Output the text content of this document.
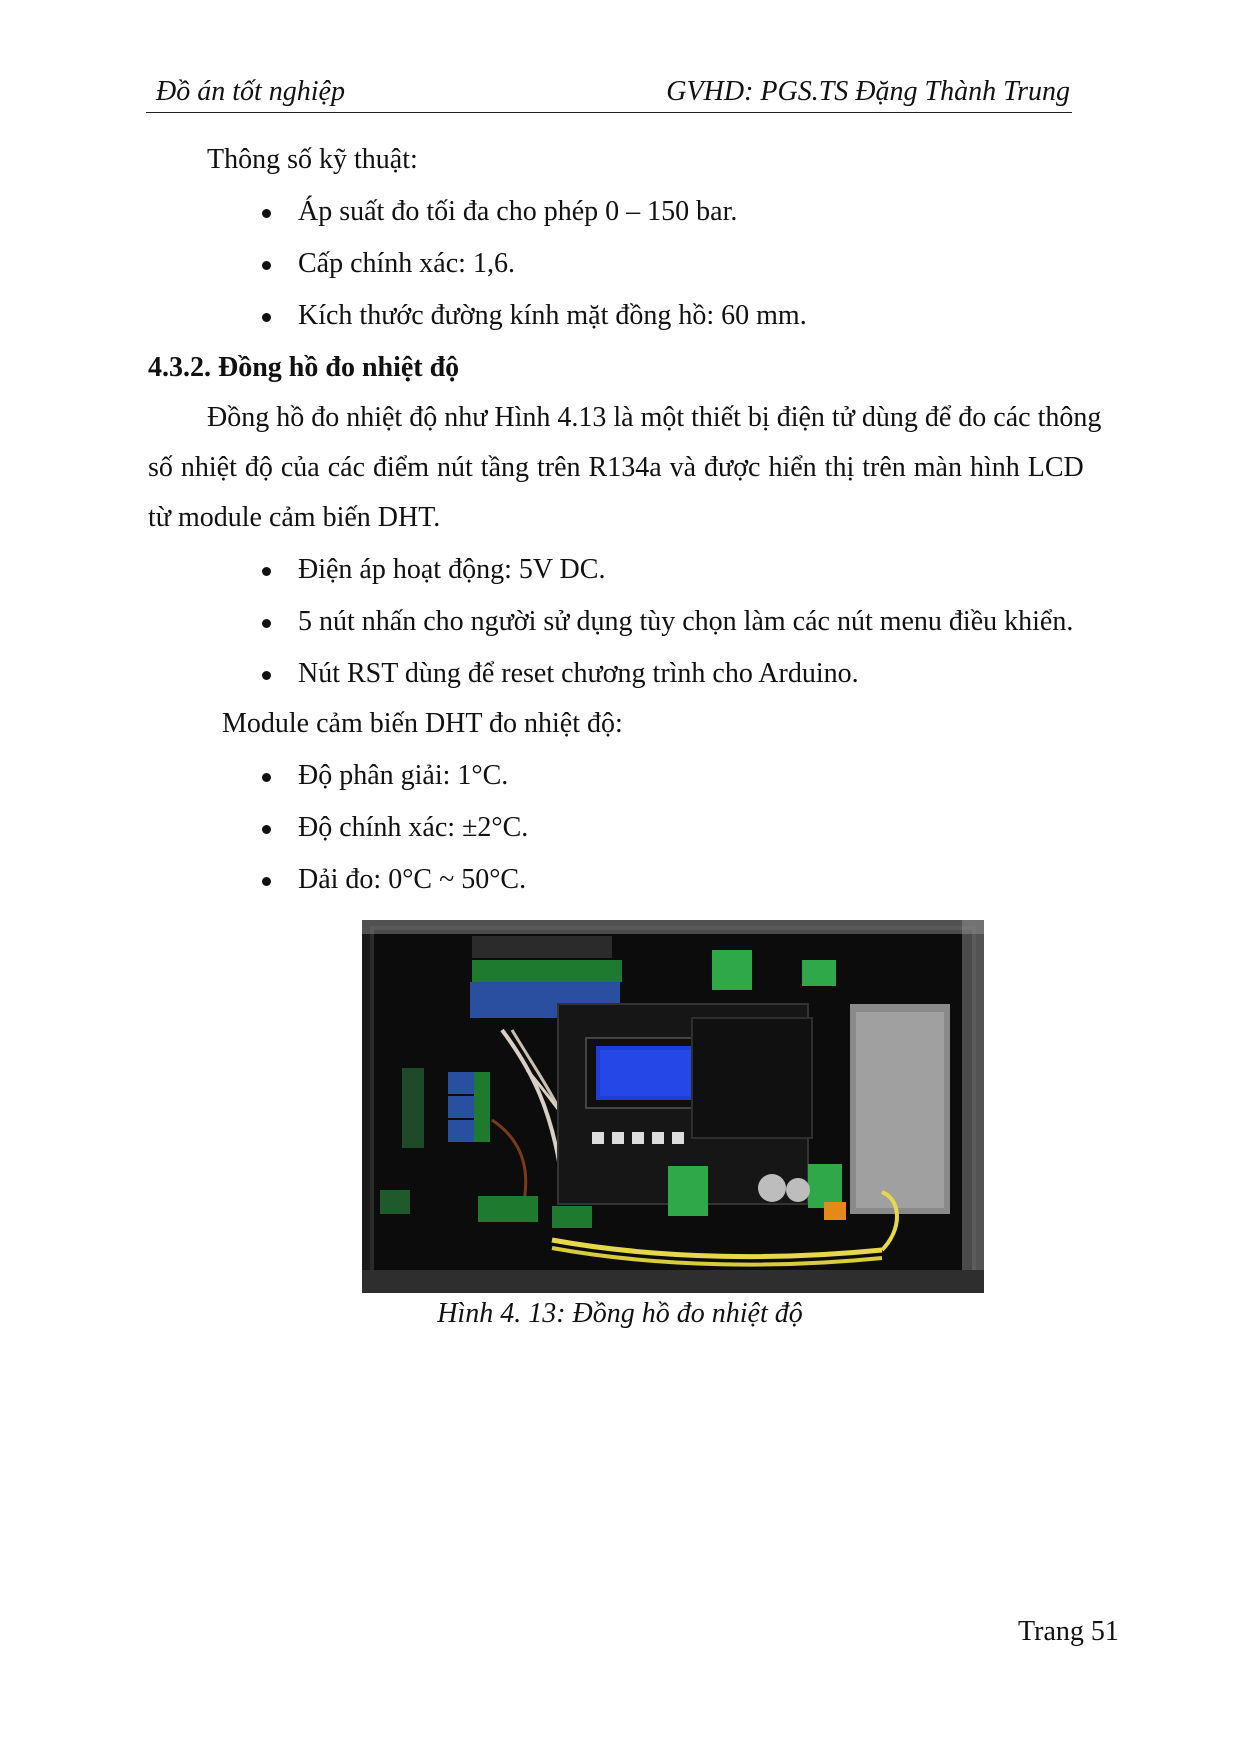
Đồ án tốt nghiệp	GVHD: PGS.TS Đặng Thành Trung
Thông số kỹ thuật:
Áp suất đo tối đa cho phép 0 – 150 bar.
Cấp chính xác: 1,6.
Kích thước đường kính mặt đồng hồ: 60 mm.
4.3.2. Đồng hồ đo nhiệt độ
Đồng hồ đo nhiệt độ như Hình 4.13 là một thiết bị điện tử dùng để đo các thông
số nhiệt độ của các điểm nút tầng trên R134a và được hiển thị trên màn hình LCD
từ module cảm biến DHT.
Điện áp hoạt động: 5V DC.
5 nút nhấn cho người sử dụng tùy chọn làm các nút menu điều khiển.
Nút RST dùng để reset chương trình cho Arduino.
Module cảm biến DHT đo nhiệt độ:
Độ phân giải: 1°C.
Độ chính xác: ±2°C.
Dải đo: 0°C ~ 50°C.
Hình 4. 13: Đồng hồ đo nhiệt độ
Trang 51
